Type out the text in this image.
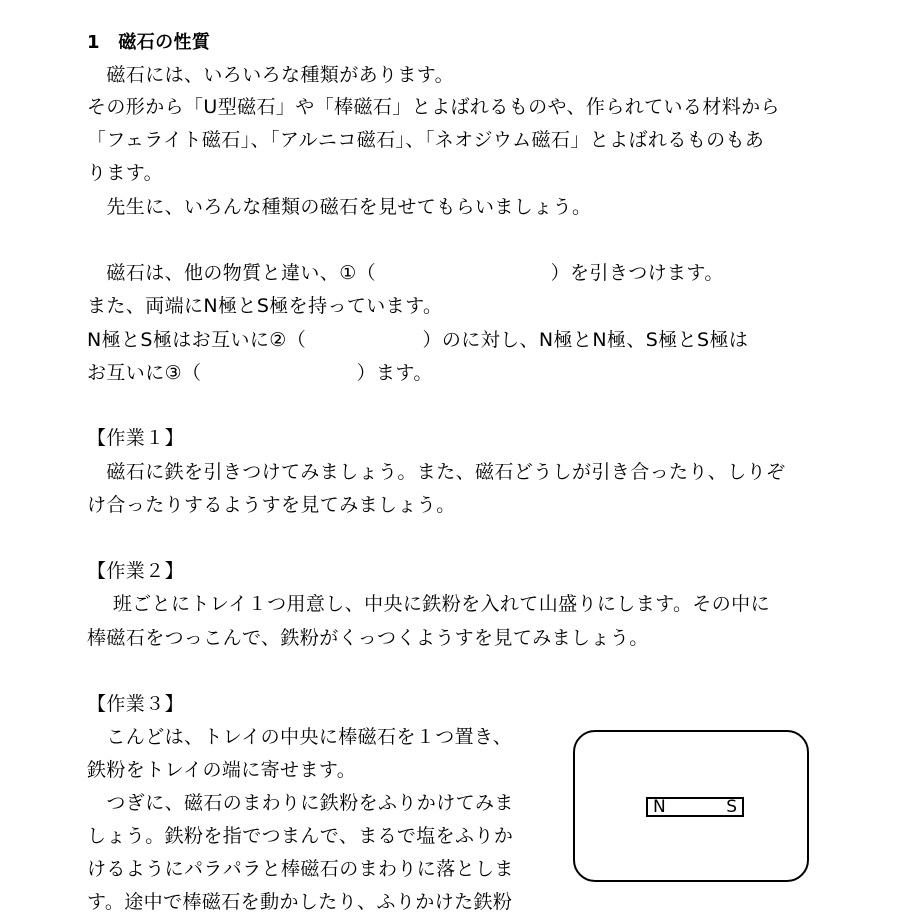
1　磁石の性質
　磁石には、いろいろな種類があります。
その形から「U型磁石」や「棒磁石」とよばれるものや、作られている材料から
「フェライト磁石」、「アルニコ磁石」、「ネオジウム磁石」とよばれるものもあ
ります。
　先生に、いろんな種類の磁石を見せてもらいましょう。
　磁石は、他の物質と違い、①（　　　　　　　　　）を引きつけます。
また、両端にN極とS極を持っています。
N極とS極はお互いに②（　　　　　　）のに対し、N極とN極、S極とS極は
お互いに③（　　　　　　　　）ます。
【作業１】
　磁石に鉄を引きつけてみましょう。また、磁石どうしが引き合ったり、しりぞ
け合ったりするようすを見てみましょう。
【作業２】
　 班ごとにトレイ１つ用意し、中央に鉄粉を入れて山盛りにします。その中に
棒磁石をつっこんで、鉄粉がくっつくようすを見てみましょう。
【作業３】
　こんどは、トレイの中央に棒磁石を１つ置き、
鉄粉をトレイの端に寄せます。
　つぎに、磁石のまわりに鉄粉をふりかけてみま
しょう。鉄粉を指でつまんで、まるで塩をふりか
けるようにパラパラと棒磁石のまわりに落としま
す。途中で棒磁石を動かしたり、ふりかけた鉄粉
N	S
